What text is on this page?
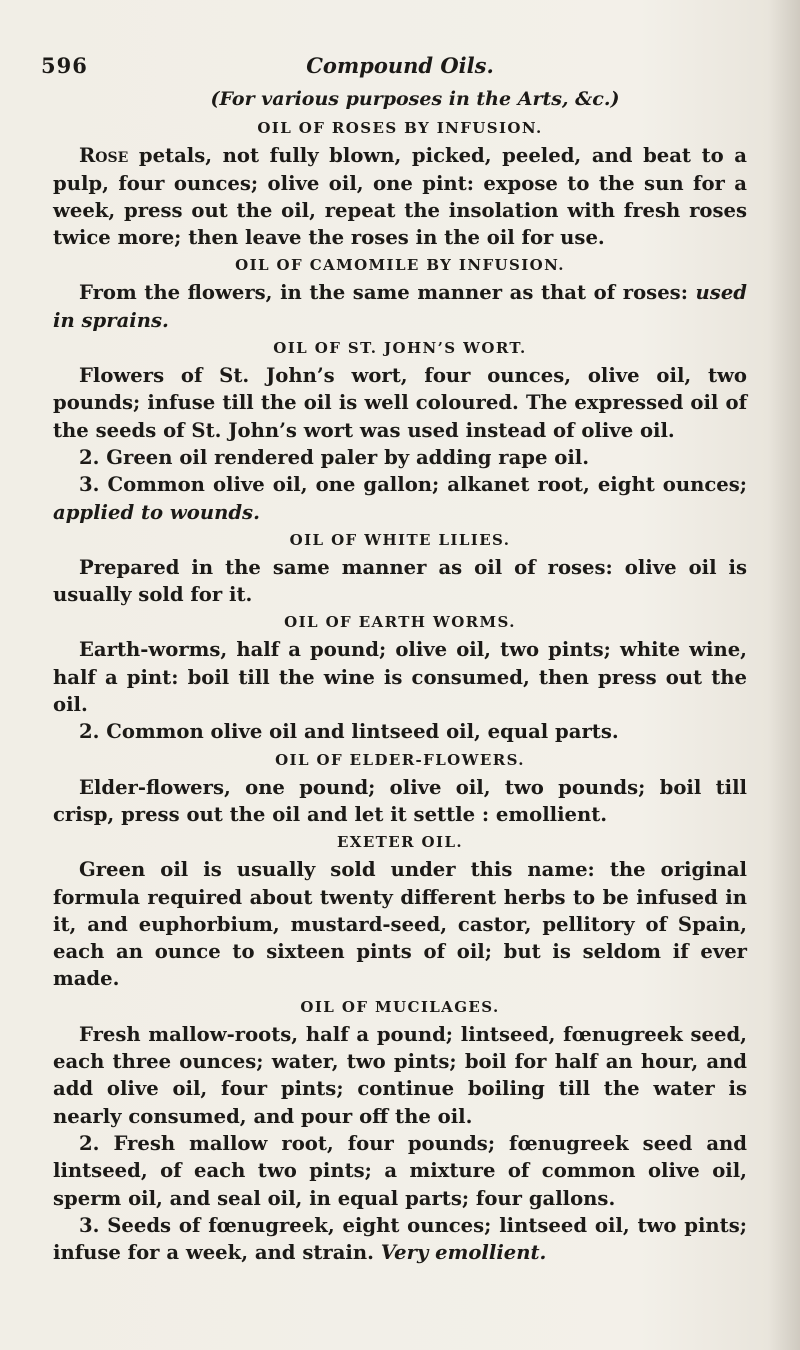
596	Compound Oils.
(For various purposes in the Arts, &c.)
OIL OF ROSES BY INFUSION.

Rose petals, not fully blown, picked, peeled, and beat to a pulp, four ounces; olive oil, one pint: expose to the sun for a week, press out the oil, repeat the insolation with fresh roses twice more; then leave the roses in the oil for use.

OIL OF CAMOMILE BY INFUSION.

From the flowers, in the same manner as that of roses: used in sprains.

OIL OF ST. JOHN’S WORT.

Flowers of St. John’s wort, four ounces, olive oil, two pounds; infuse till the oil is well coloured. The expressed oil of the seeds of St. John’s wort was used instead of olive oil.

2. Green oil rendered paler by adding rape oil.

3. Common olive oil, one gallon; alkanet root, eight ounces; applied to wounds.

OIL OF WHITE LILIES.

Prepared in the same manner as oil of roses: olive oil is usually sold for it.

OIL OF EARTH WORMS.

Earth-worms, half a pound; olive oil, two pints; white wine, half a pint: boil till the wine is consumed, then press out the oil.

2. Common olive oil and lintseed oil, equal parts.

OIL OF ELDER-FLOWERS.

Elder-flowers, one pound; olive oil, two pounds; boil till crisp, press out the oil and let it settle : emollient.

EXETER OIL.

Green oil is usually sold under this name: the original formula required about twenty different herbs to be infused in it, and euphorbium, mustard-seed, castor, pellitory of Spain, each an ounce to sixteen pints of oil; but is seldom if ever made.

OIL OF MUCILAGES.

Fresh mallow-roots, half a pound; lintseed, fœnugreek seed, each three ounces; water, two pints; boil for half an hour, and add olive oil, four pints; continue boiling till the water is nearly consumed, and pour off the oil.

2. Fresh mallow root, four pounds; fœnugreek seed and lintseed, of each two pints; a mixture of common olive oil, sperm oil, and seal oil, in equal parts; four gallons.

3. Seeds of fœnugreek, eight ounces; lintseed oil, two pints; infuse for a week, and strain. Very emollient.
